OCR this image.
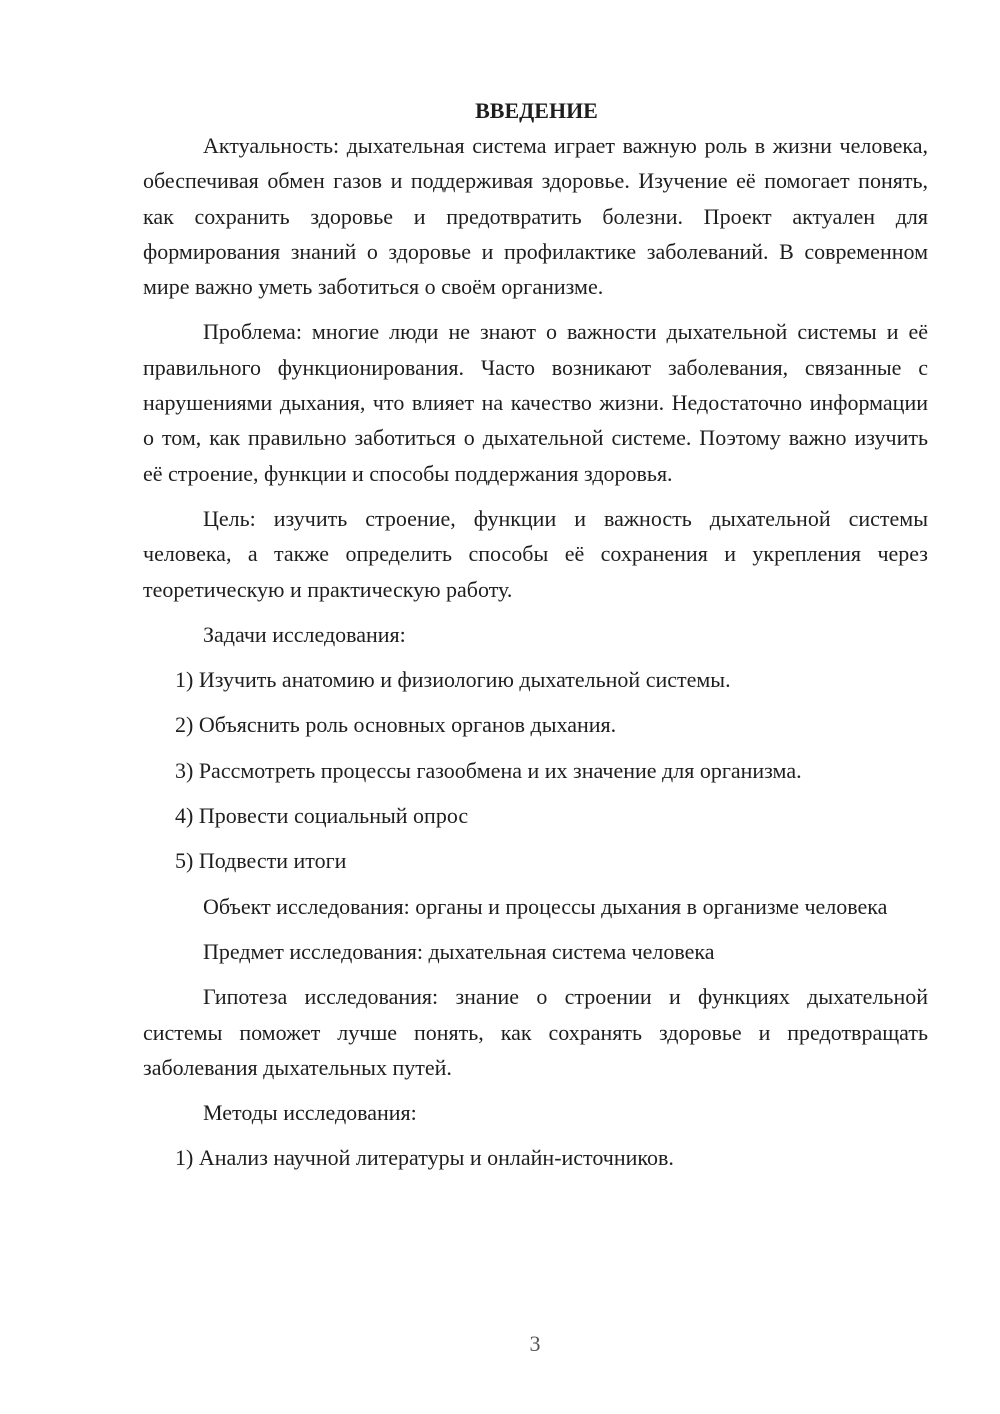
ВВЕДЕНИЕ

Актуальность: дыхательная система играет важную роль в жизни человека, обеспечивая обмен газов и поддерживая здоровье. Изучение её помогает понять, как сохранить здоровье и предотвратить болезни. Проект актуален для формирования знаний о здоровье и профилактике заболеваний. В современном мире важно уметь заботиться о своём организме.

Проблема: многие люди не знают о важности дыхательной системы и её правильного функционирования. Часто возникают заболевания, связанные с нарушениями дыхания, что влияет на качество жизни. Недостаточно информации о том, как правильно заботиться о дыхательной системе. Поэтому важно изучить её строение, функции и способы поддержания здоровья.

Цель: изучить строение, функции и важность дыхательной системы человека, а также определить способы её сохранения и укрепления через теоретическую и практическую работу.

Задачи исследования:

1) Изучить анатомию и физиологию дыхательной системы.
2) Объяснить роль основных органов дыхания.
3) Рассмотреть процессы газообмена и их значение для организма.
4) Провести социальный опрос
5) Подвести итоги

Объект исследования: органы и процессы дыхания в организме человека

Предмет исследования: дыхательная система человека

Гипотеза исследования: знание о строении и функциях дыхательной системы поможет лучше понять, как сохранять здоровье и предотвращать заболевания дыхательных путей.

Методы исследования:

1) Анализ научной литературы и онлайн-источников.
3
